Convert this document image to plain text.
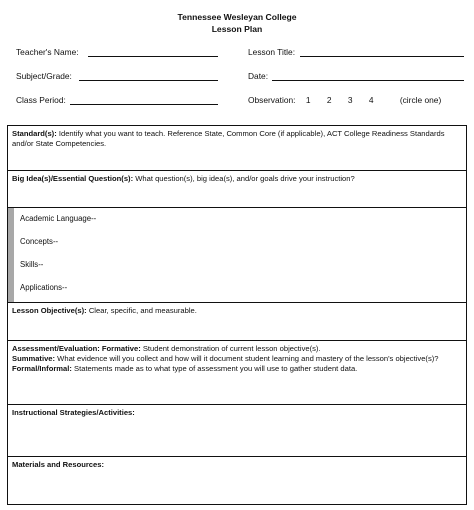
Tennessee Wesleyan College
Lesson Plan
Teacher's Name:	Lesson Title:
Subject/Grade:	Date:
Class Period:	Observation: 1 2 3 4	(circle one)
Standard(s): Identify what you want to teach. Reference State, Common Core (if applicable), ACT College Readiness Standards and/or State Competencies.
Big Idea(s)/Essential Question(s): What question(s), big idea(s), and/or goals drive your instruction?
Academic Language--
Concepts--
Skills--
Applications--
Lesson Objective(s): Clear, specific, and measurable.
Assessment/Evaluation: Formative: Student demonstration of current lesson objective(s).
Summative: What evidence will you collect and how will it document student learning and mastery of the lesson's objective(s)? Formal/Informal: Statements made as to what type of assessment you will use to gather student data.
Instructional Strategies/Activities:
Materials and Resources:
